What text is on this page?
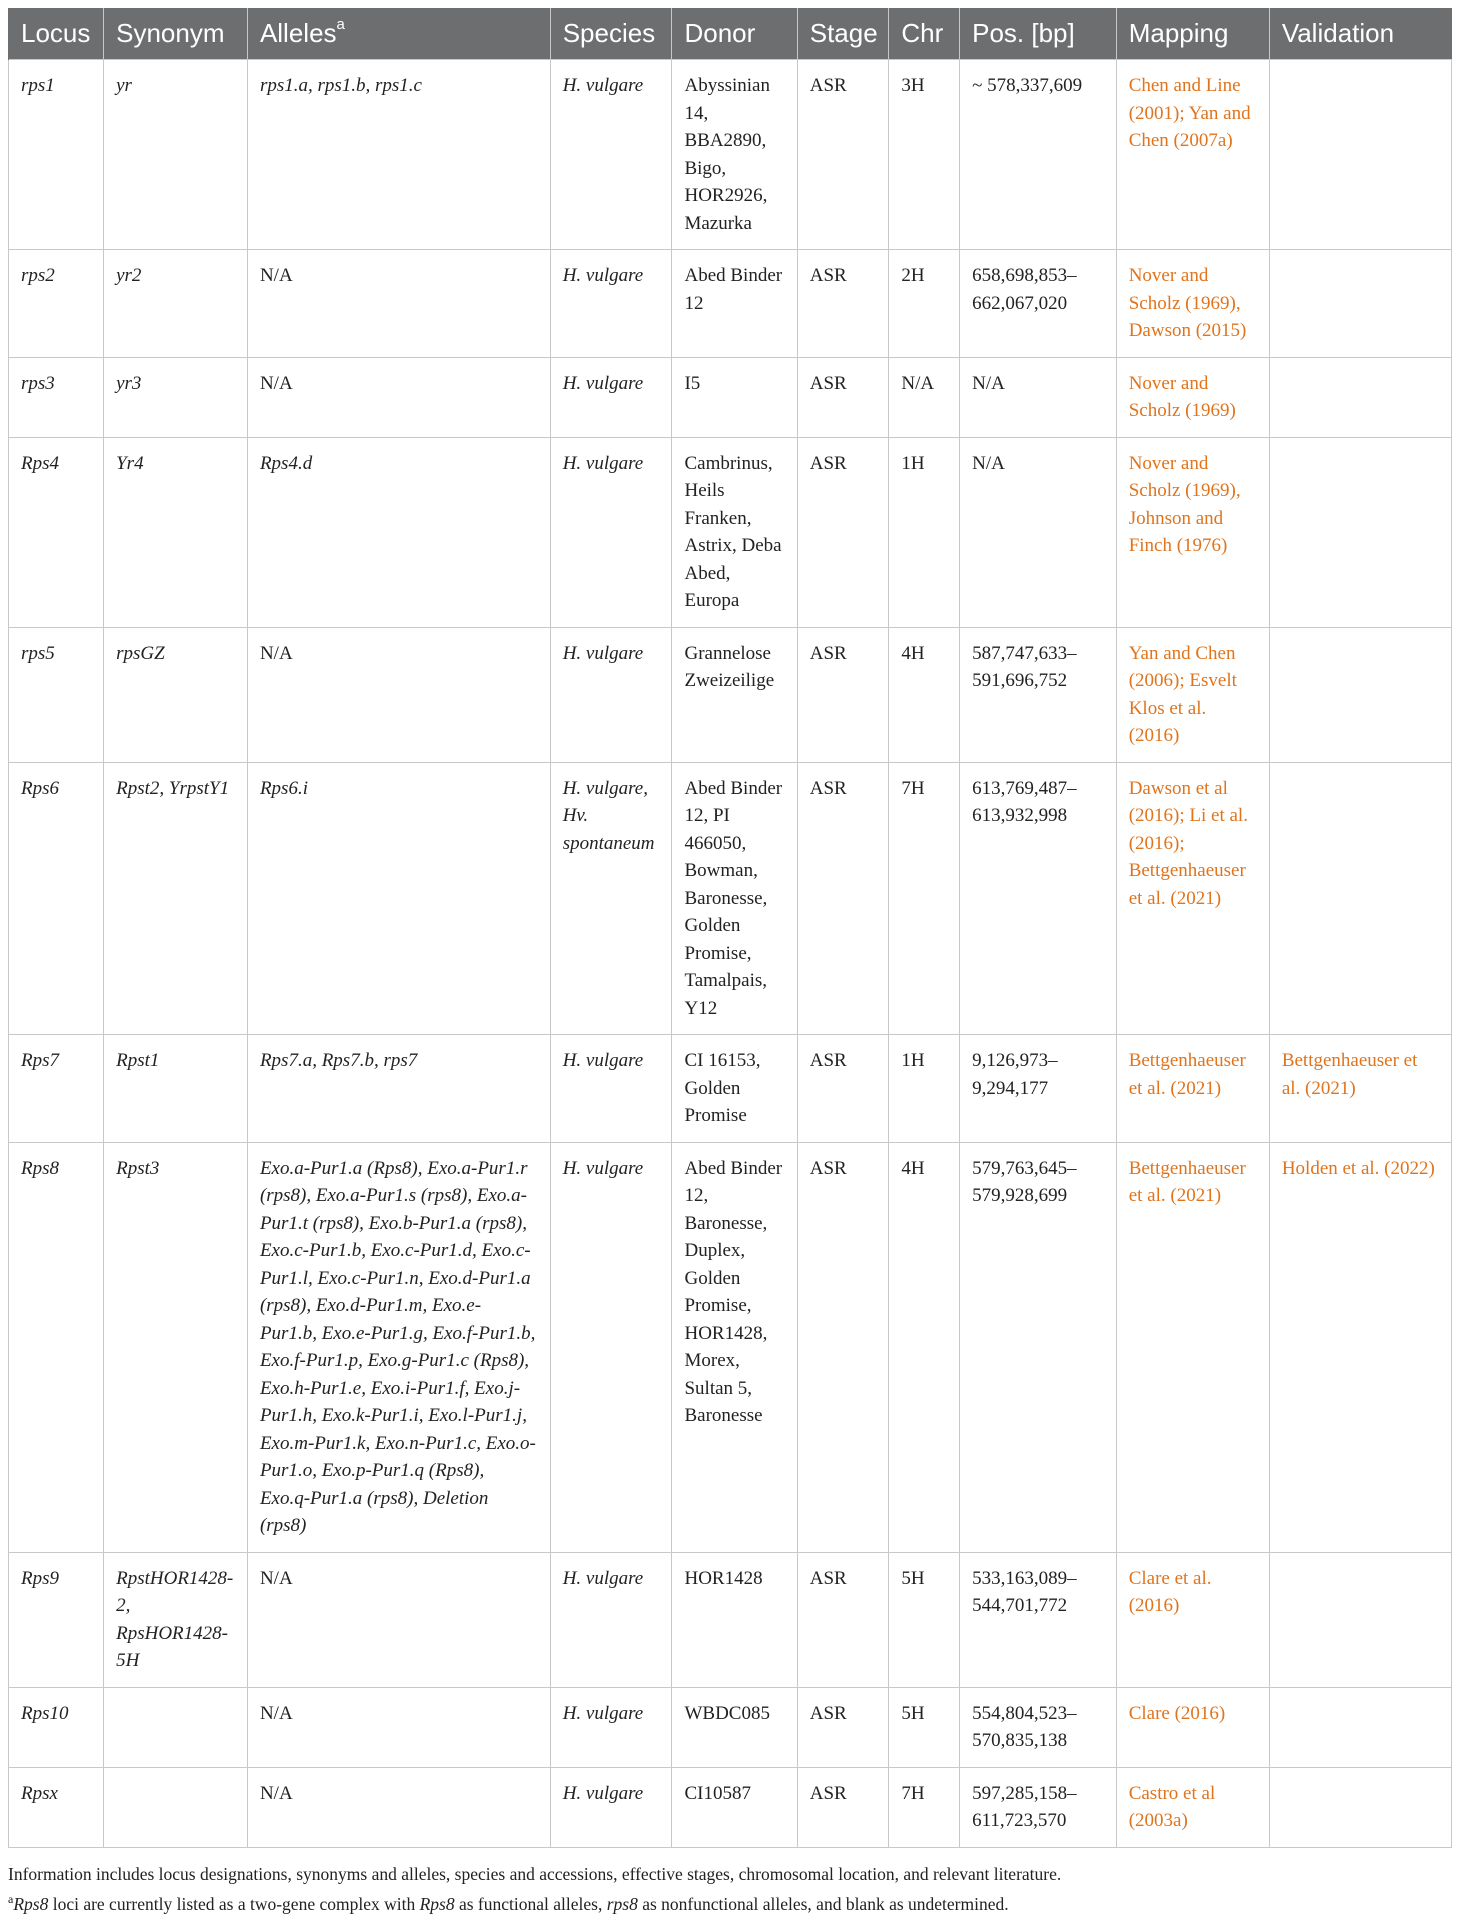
Locus	Synonym	Alleles$^a$	Species	Donor	Stage	Chr	Pos. [bp]	Mapping	Validation
rps1	yr	rps1.a, rps1.b, rps1.c	H. vulgare	Abyssinian 14, BBA2890, Bigo, HOR2926, Mazurka	ASR	3H	~ 578,337,609	Chen and Line (2001); Yan and Chen (2007a)	
rps2	yr2	N/A	H. vulgare	Abed Binder 12	ASR	2H	658,698,853–662,067,020	Nover and Scholz (1969), Dawson (2015)	
rps3	yr3	N/A	H. vulgare	I5	ASR	N/A	N/A	Nover and Scholz (1969)	
Rps4	Yr4	Rps4.d	H. vulgare	Cambrinus, Heils Franken, Astrix, Deba Abed, Europa	ASR	1H	N/A	Nover and Scholz (1969), Johnson and Finch (1976)	
rps5	rpsGZ	N/A	H. vulgare	Grannelose Zweizeilige	ASR	4H	587,747,633–591,696,752	Yan and Chen (2006); Esvelt Klos et al. (2016)	
Rps6	Rpst2, YrpstY1	Rps6.i	H. vulgare, Hv. spontaneum	Abed Binder 12, PI 466050, Bowman, Baronesse, Golden Promise, Tamalpais, Y12	ASR	7H	613,769,487–613,932,998	Dawson et al (2016); Li et al. (2016); Bettgenhaeuser et al. (2021)	
Rps7	Rpst1	Rps7.a, Rps7.b, rps7	H. vulgare	CI 16153, Golden Promise	ASR	1H	9,126,973–9,294,177	Bettgenhaeuser et al. (2021)	Bettgenhaeuser et al. (2021)
Rps8	Rpst3	Exo.a-Pur1.a (Rps8), Exo.a-Pur1.r (rps8), Exo.a-Pur1.s (rps8), Exo.a-Pur1.t (rps8), Exo.b-Pur1.a (rps8), Exo.c-Pur1.b, Exo.c-Pur1.d, Exo.c-Pur1.l, Exo.c-Pur1.n, Exo.d-Pur1.a (rps8), Exo.d-Pur1.m, Exo.e-Pur1.b, Exo.e-Pur1.g, Exo.f-Pur1.b, Exo.f-Pur1.p, Exo.g-Pur1.c (Rps8), Exo.h-Pur1.e, Exo.i-Pur1.f, Exo.j-Pur1.h, Exo.k-Pur1.i, Exo.l-Pur1.j, Exo.m-Pur1.k, Exo.n-Pur1.c, Exo.o-Pur1.o, Exo.p-Pur1.q (Rps8), Exo.q-Pur1.a (rps8), Deletion (rps8)	H. vulgare	Abed Binder 12, Baronesse, Duplex, Golden Promise, HOR1428, Morex, Sultan 5, Baronesse	ASR	4H	579,763,645–579,928,699	Bettgenhaeuser et al. (2021)	Holden et al. (2022)
Rps9	RpstHOR1428-2, RpsHOR1428-5H	N/A	H. vulgare	HOR1428	ASR	5H	533,163,089–544,701,772	Clare et al. (2016)	
Rps10		N/A	H. vulgare	WBDC085	ASR	5H	554,804,523–570,835,138	Clare (2016)	
Rpsx		N/A	H. vulgare	CI10587	ASR	7H	597,285,158–611,723,570	Castro et al (2003a)	
Information includes locus designations, synonyms and alleles, species and accessions, effective stages, chromosomal location, and relevant literature.
$^a$Rps8 loci are currently listed as a two-gene complex with Rps8 as functional alleles, rps8 as nonfunctional alleles, and blank as undetermined.
